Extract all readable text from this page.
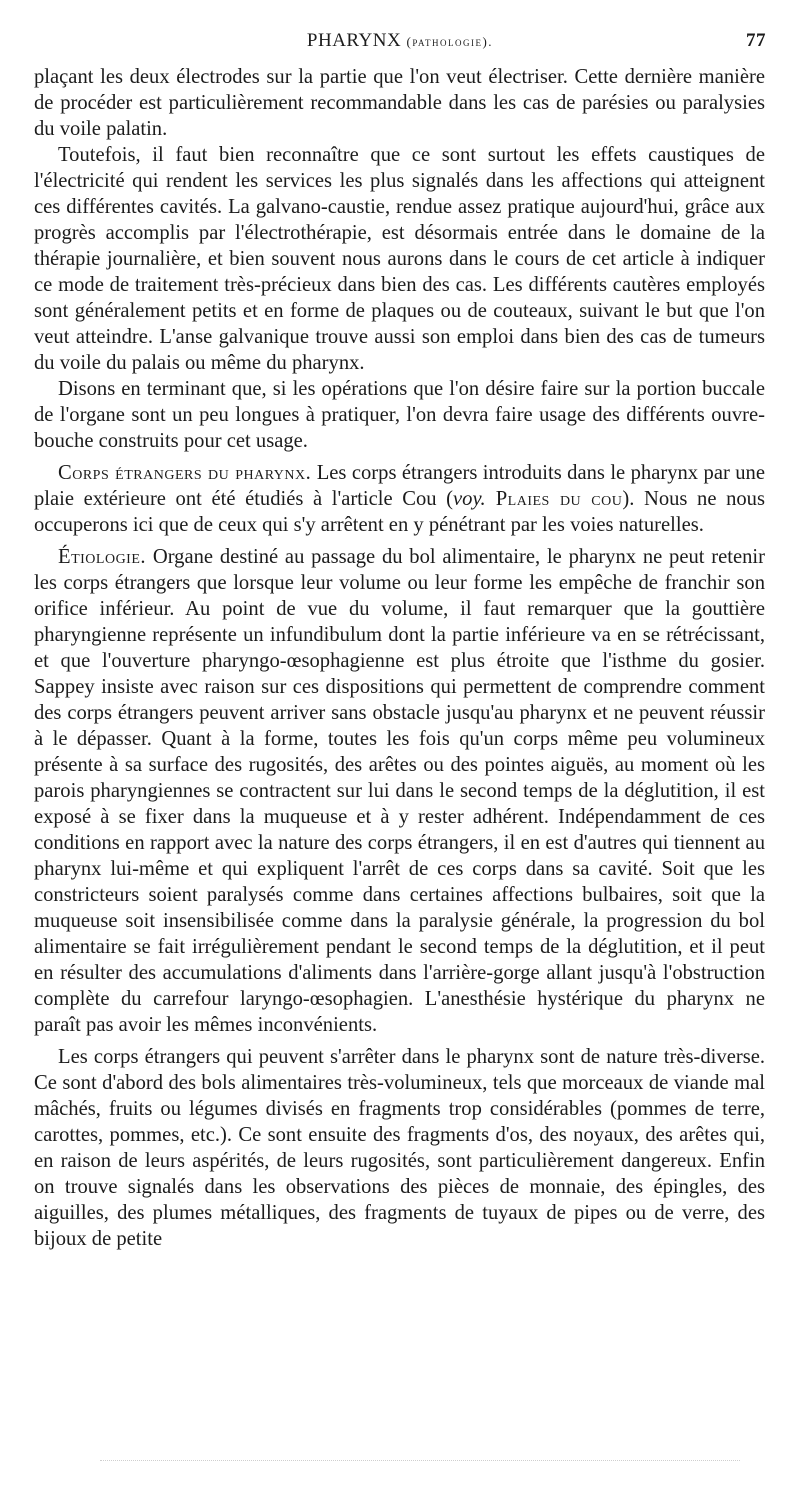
PHARYNX (pathologie).	77

plaçant les deux électrodes sur la partie que l'on veut électriser. Cette dernière manière de procéder est particulièrement recommandable dans les cas de parésies ou paralysies du voile palatin.

Toutefois, il faut bien reconnaître que ce sont surtout les effets caustiques de l'électricité qui rendent les services les plus signalés dans les affections qui atteignent ces différentes cavités. La galvano-caustie, rendue assez pratique aujourd'hui, grâce aux progrès accomplis par l'électrothérapie, est désormais entrée dans le domaine de la thérapie journalière, et bien souvent nous aurons dans le cours de cet article à indiquer ce mode de traitement très-précieux dans bien des cas. Les différents cautères employés sont généralement petits et en forme de plaques ou de couteaux, suivant le but que l'on veut atteindre. L'anse galvanique trouve aussi son emploi dans bien des cas de tumeurs du voile du palais ou même du pharynx.

Disons en terminant que, si les opérations que l'on désire faire sur la portion buccale de l'organe sont un peu longues à pratiquer, l'on devra faire usage des différents ouvre-bouche construits pour cet usage.

Corps étrangers du pharynx. Les corps étrangers introduits dans le pharynx par une plaie extérieure ont été étudiés à l'article Cou (voy. Plaies du cou). Nous ne nous occuperons ici que de ceux qui s'y arrêtent en y pénétrant par les voies naturelles.

Étiologie. Organe destiné au passage du bol alimentaire, le pharynx ne peut retenir les corps étrangers que lorsque leur volume ou leur forme les empêche de franchir son orifice inférieur. Au point de vue du volume, il faut remarquer que la gouttière pharyngienne représente un infundibulum dont la partie inférieure va en se rétrécissant, et que l'ouverture pharyngo-œsophagienne est plus étroite que l'isthme du gosier. Sappey insiste avec raison sur ces dispositions qui permettent de comprendre comment des corps étrangers peuvent arriver sans obstacle jusqu'au pharynx et ne peuvent réussir à le dépasser. Quant à la forme, toutes les fois qu'un corps même peu volumineux présente à sa surface des rugosités, des arêtes ou des pointes aiguës, au moment où les parois pharyngiennes se contractent sur lui dans le second temps de la déglutition, il est exposé à se fixer dans la muqueuse et à y rester adhérent. Indépendamment de ces conditions en rapport avec la nature des corps étrangers, il en est d'autres qui tiennent au pharynx lui-même et qui expliquent l'arrêt de ces corps dans sa cavité. Soit que les constricteurs soient paralysés comme dans certaines affections bulbaires, soit que la muqueuse soit insensibilisée comme dans la paralysie générale, la progression du bol alimentaire se fait irrégulièrement pendant le second temps de la déglutition, et il peut en résulter des accumulations d'aliments dans l'arrière-gorge allant jusqu'à l'obstruction complète du carrefour laryngo-œsophagien. L'anesthésie hystérique du pharynx ne paraît pas avoir les mêmes inconvénients.

Les corps étrangers qui peuvent s'arrêter dans le pharynx sont de nature très-diverse. Ce sont d'abord des bols alimentaires très-volumineux, tels que morceaux de viande mal mâchés, fruits ou légumes divisés en fragments trop considérables (pommes de terre, carottes, pommes, etc.). Ce sont ensuite des fragments d'os, des noyaux, des arêtes qui, en raison de leurs aspérités, de leurs rugosités, sont particulièrement dangereux. Enfin on trouve signalés dans les observations des pièces de monnaie, des épingles, des aiguilles, des plumes métalliques, des fragments de tuyaux de pipes ou de verre, des bijoux de petite
